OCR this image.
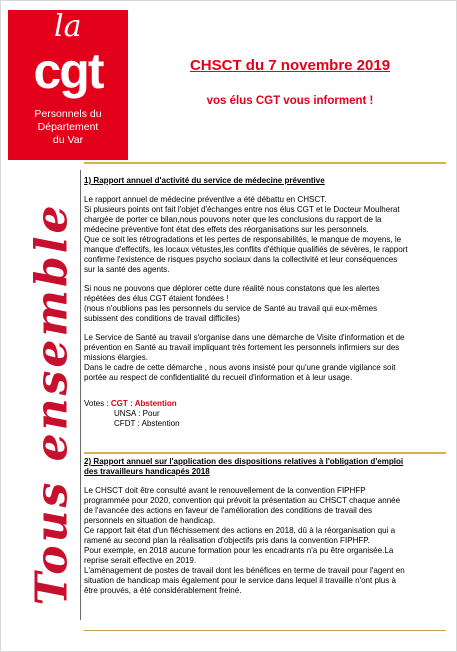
la
cgt
Personnels du
Département
du Var
CHSCT du 7 novembre 2019
vos élus CGT vous informent !
Tous ensemble

1) Rapport annuel d'activité du service de médecine préventive

Le rapport annuel de médecine préventive a été débattu en CHSCT.

Si plusieurs points ont fait l'objet d'échanges entre nos élus CGT et le Docteur Moulherat

chargée de porter ce bilan,nous pouvons noter que les conclusions du rapport de la

médecine préventive font état des effets des réorganisations sur les personnels.

Que ce soit les rétrogradations et les pertes de responsabilités, le manque de moyens, le

manque d'effectifs, les locaux vétustes,les conflits d'éthique qualifiés de sévères, le rapport

confirme l'existence de risques psycho sociaux dans la collectivité et leur conséquences

sur la santé des agents.

Si nous ne pouvons que déplorer cette dure réalité nous constatons que les alertes

répétées des élus CGT étaient fondées !

(nous n'oublions pas les personnels du service de Santé au travail qui eux-mêmes

subissent des conditions de travail difficiles)

Le Service de Santé au travail s'organise dans une démarche de Visite d'information et de

prévention en Santé au travail impliquant très fortement les personnels infirmiers sur des

missions élargies.

Dans le cadre de cette démarche , nous avons insisté pour qu'une grande vigilance soit

portée au respect de confidentialité du recueil d'information et à leur usage.

Votes : CGT : Abstention

UNSA : Pour

CFDT : Abstention

2) Rapport annuel sur l'application des dispositions relatives à l'obligation d'emploi

des travailleurs handicapés 2018

Le CHSCT doit être consulté avant le renouvellement de la convention FIPHFP

programmée pour 2020, convention qui prévoit la présentation au CHSCT chaque année

de l'avancée des actions en faveur de l'amélioration des conditions de travail des

personnels en situation de handicap.

Ce rapport fait état d'un fléchissement des actions en 2018, dû à la réorganisation qui a

ramené au second plan la réalisation d'objectifs pris dans la convention FIPHFP.

Pour exemple, en 2018 aucune formation pour les encadrants n'a pu être organisée.La

reprise serait effective en 2019.

L'aménagement de postes de travail dont les bénéfices en terme de travail pour l'agent en

situation de handicap mais également pour le service dans lequel il travaille n'ont plus à

être prouvés, a été considérablement freiné.
